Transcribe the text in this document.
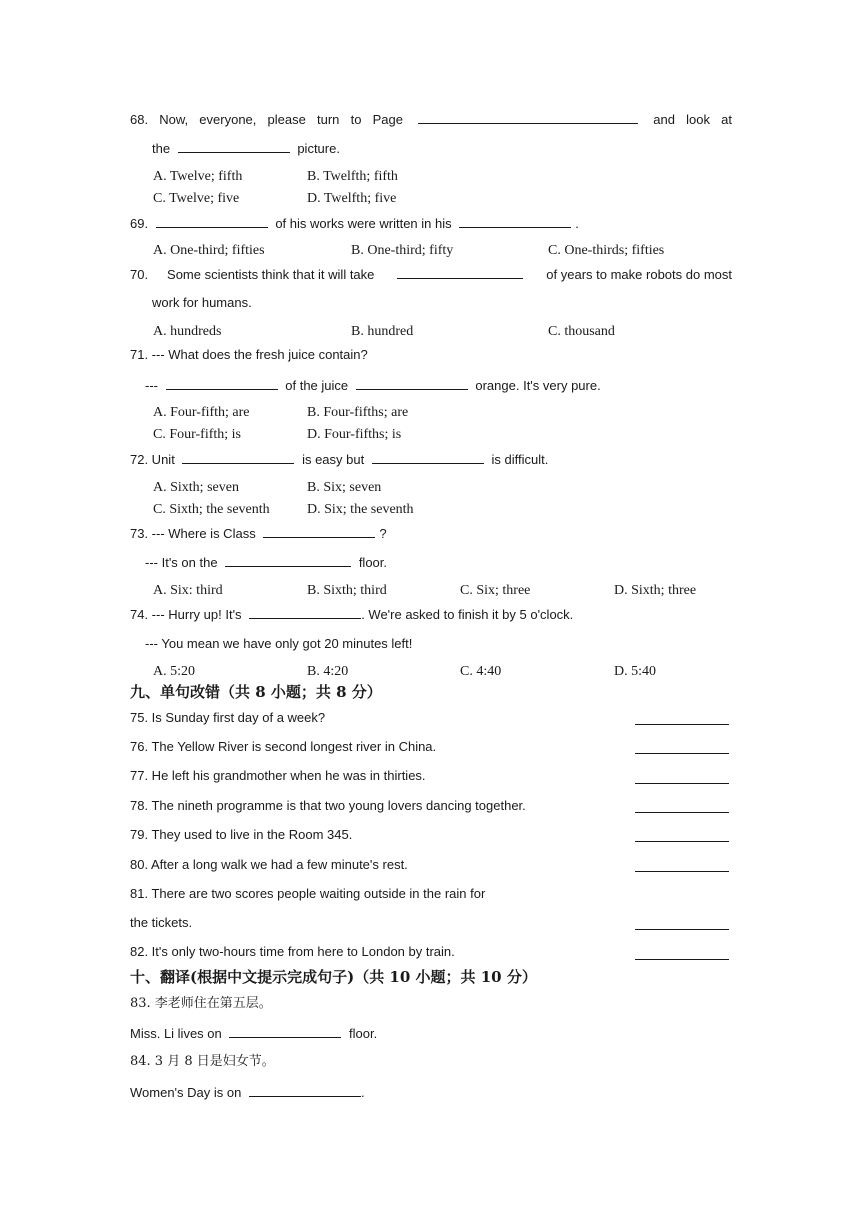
68. Now, everyone, please turn to Page	and look at
the	picture.
A. Twelve; fifth	B. Twelfth; fifth
C. Twelve; five	D. Twelfth; five
69.	of his works were written in his	.
A. One-third; fifties	B. One-third; fifty	C. One-thirds; fifties
70. Some scientists think that it will take	of years to make robots do most
work for humans.
A. hundreds	B. hundred	C. thousand
71. --- What does the fresh juice contain?
---	of the juice	orange. It's very pure.
A. Four-fifth; are	B. Four-fifths; are
C. Four-fifth; is	D. Four-fifths; is
72. Unit	is easy but	is difficult.
A. Sixth; seven	B. Six; seven
C. Sixth; the seventh	D. Six; the seventh
73. --- Where is Class	?
--- It's on the	floor.
A. Six: third	B. Sixth; third	C. Six; three	D. Sixth; three
74. --- Hurry up! It's	. We're asked to finish it by 5 o'clock.
--- You mean we have only got 20 minutes left!
A. 5:20	B. 4:20	C. 4:40	D. 5:40
九、单句改错（共 8 小题；共 8 分）
75. Is Sunday first day of a week?
76. The Yellow River is second longest river in China.
77. He left his grandmother when he was in thirties.
78. The nineth programme is that two young lovers dancing together.
79. They used to live in the Room 345.
80. After a long walk we had a few minute's rest.
81. There are two scores people waiting outside in the rain for
the tickets.
82. It's only two-hours time from here to London by train.
十、翻译(根据中文提示完成句子)（共 10 小题；共 10 分）
83. 李老师住在第五层。
Miss. Li lives on	floor.
84. 3 月 8 日是妇女节。
Women's Day is on	.
